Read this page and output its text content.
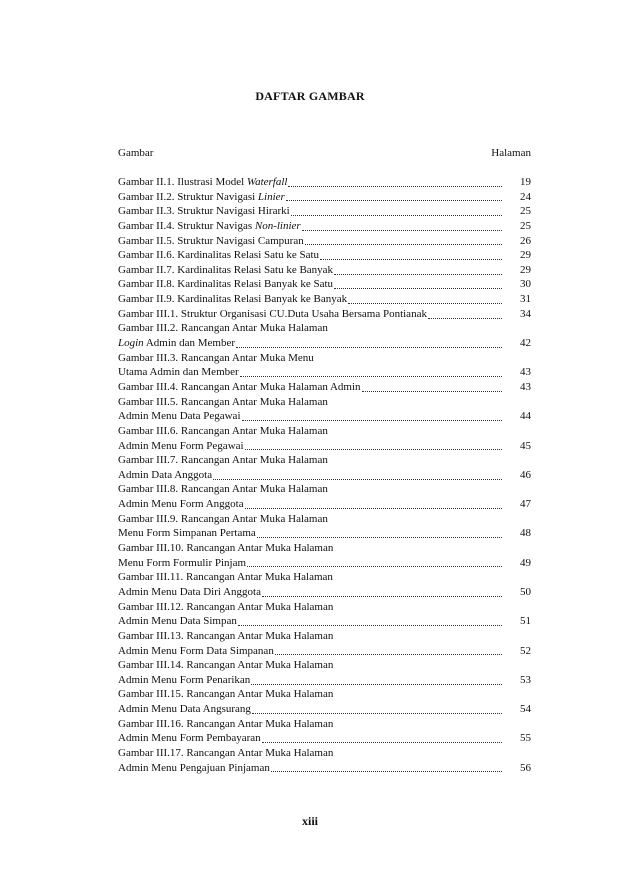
DAFTAR GAMBAR
Gambar	Halaman
Gambar II.1. Ilustrasi Model Waterfall	19
Gambar II.2. Struktur Navigasi Linier	24
Gambar II.3. Struktur Navigasi Hirarki	25
Gambar II.4. Struktur Navigas Non-linier	25
Gambar II.5. Struktur Navigasi Campuran	26
Gambar II.6. Kardinalitas Relasi Satu ke Satu	29
Gambar II.7. Kardinalitas Relasi Satu ke Banyak	29
Gambar II.8. Kardinalitas Relasi Banyak ke Satu	30
Gambar II.9. Kardinalitas Relasi Banyak ke Banyak	31
Gambar III.1. Struktur Organisasi CU.Duta Usaha Bersama Pontianak	34
Gambar III.2. Rancangan Antar Muka Halaman
Login Admin dan Member	42
Gambar III.3. Rancangan Antar Muka Menu
Utama Admin dan Member	43
Gambar III.4. Rancangan Antar Muka Halaman Admin	43
Gambar III.5. Rancangan Antar Muka Halaman
Admin Menu Data Pegawai	44
Gambar III.6. Rancangan Antar Muka Halaman
Admin Menu Form Pegawai	45
Gambar III.7. Rancangan Antar Muka Halaman
Admin Data Anggota	46
Gambar III.8. Rancangan Antar Muka Halaman
Admin Menu Form Anggota	47
Gambar III.9. Rancangan Antar Muka Halaman
Menu Form Simpanan Pertama	48
Gambar III.10. Rancangan Antar Muka Halaman
Menu Form Formulir Pinjam	49
Gambar III.11. Rancangan Antar Muka Halaman
Admin Menu Data Diri Anggota	50
Gambar III.12. Rancangan Antar Muka Halaman
Admin Menu Data Simpan	51
Gambar III.13. Rancangan Antar Muka Halaman
Admin Menu Form Data Simpanan	52
Gambar III.14. Rancangan Antar Muka Halaman
Admin Menu Form Penarikan	53
Gambar III.15. Rancangan Antar Muka Halaman
Admin Menu Data Angsurang	54
Gambar III.16. Rancangan Antar Muka Halaman
Admin Menu Form Pembayaran	55
Gambar III.17. Rancangan Antar Muka Halaman
Admin Menu Pengajuan Pinjaman	56
xiii
